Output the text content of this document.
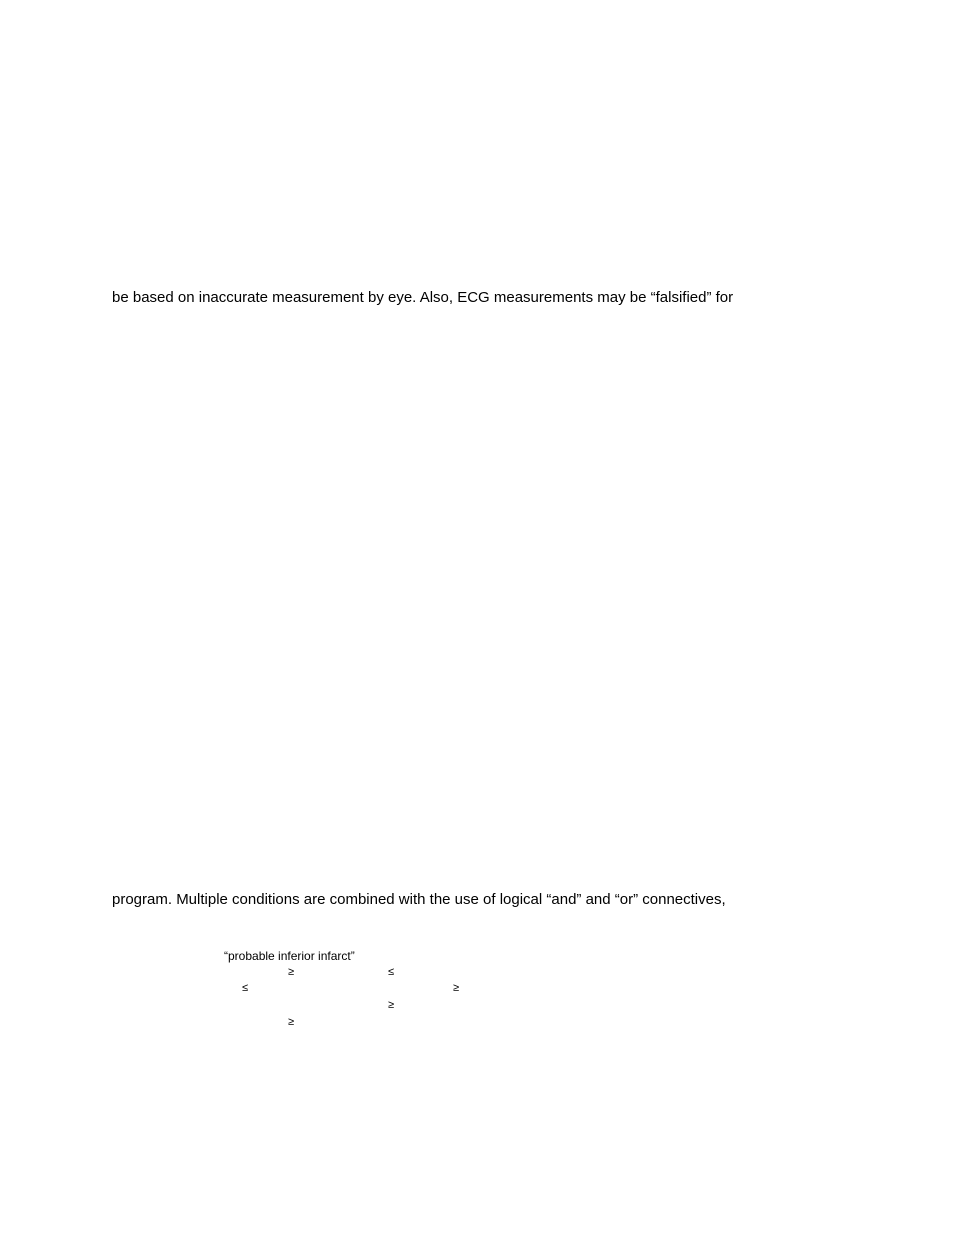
be based on inaccurate measurement by eye. Also, ECG measurements may be “falsified” for
program. Multiple conditions are combined with the use of logical “and” and “or” connectives,
“probable inferior infarct”
≥	≤
≤	≥
≥
≥
